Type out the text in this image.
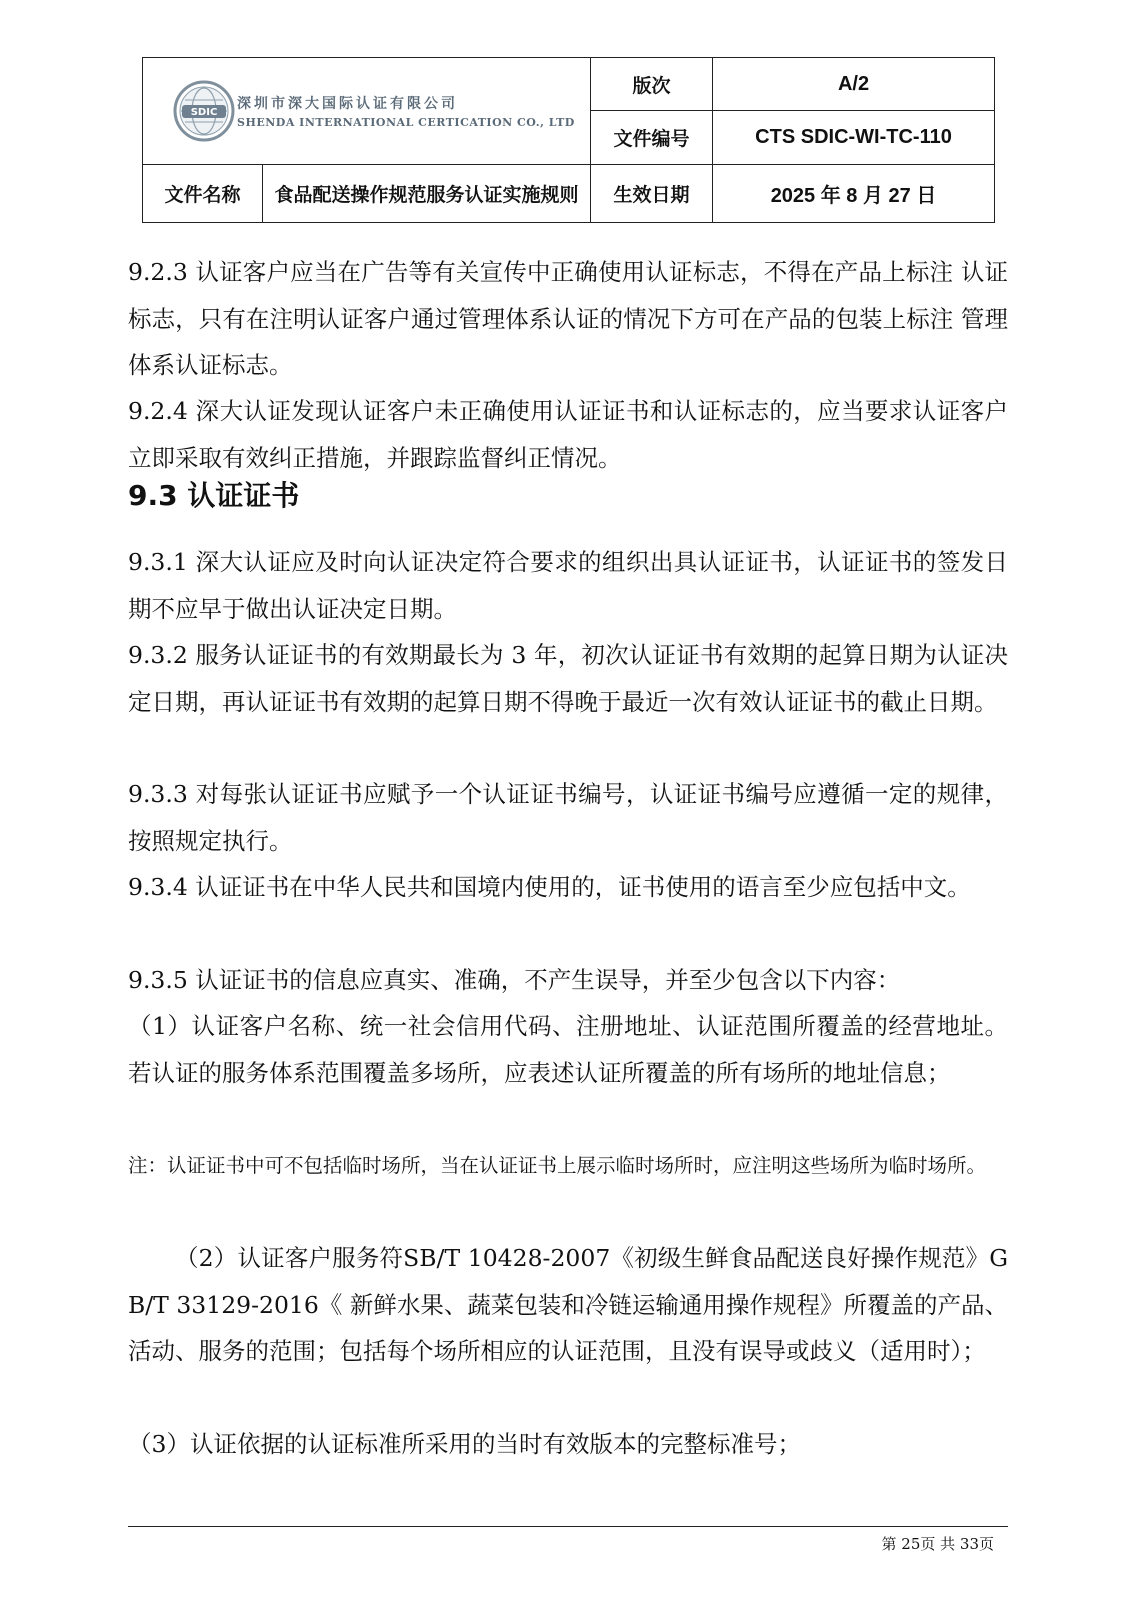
SDIC
深圳市深大国际认证有限公司
SHENDA INTERNATIONAL CERTICATION CO., LTD		版次	A/2
		文件编号	CTS SDIC-WI-TC-110
文件名称	食品配送操作规范服务认证实施规则	生效日期	2025 年 8 月 27 日

9.2.3 认证客户应当在广告等有关宣传中正确使用认证标志，不得在产品上标注 认证标志，只有在注明认证客户通过管理体系认证的情况下方可在产品的包装上标注 管理体系认证标志。

9.2.4 深大认证发现认证客户未正确使用认证证书和认证标志的，应当要求认证客户立即采取有效纠正措施，并跟踪监督纠正情况。

9.3 认证证书

9.3.1 深大认证应及时向认证决定符合要求的组织出具认证证书，认证证书的签发日期不应早于做出认证决定日期。

9.3.2 服务认证证书的有效期最长为 3 年，初次认证证书有效期的起算日期为认证决定日期，再认证证书有效期的起算日期不得晚于最近一次有效认证证书的截止日期。

9.3.3 对每张认证证书应赋予一个认证证书编号，认证证书编号应遵循一定的规律，按照规定执行。

9.3.4 认证证书在中华人民共和国境内使用的，证书使用的语言至少应包括中文。

9.3.5 认证证书的信息应真实、准确，不产生误导，并至少包含以下内容：

（1）认证客户名称、统一社会信用代码、注册地址、认证范围所覆盖的经营地址。若认证的服务体系范围覆盖多场所，应表述认证所覆盖的所有场所的地址信息；

注：认证证书中可不包括临时场所，当在认证证书上展示临时场所时，应注明这些场所为临时场所。

（2）认证客户服务符SB/T 10428-2007《初级生鲜食品配送良好操作规范》GB/T 33129-2016《 新鲜水果、蔬菜包装和冷链运输通用操作规程》所覆盖的产品、活动、服务的范围；包括每个场所相应的认证范围，且没有误导或歧义（适用时）；

（3）认证依据的认证标准所采用的当时有效版本的完整标准号；

第 25页 共 33页
